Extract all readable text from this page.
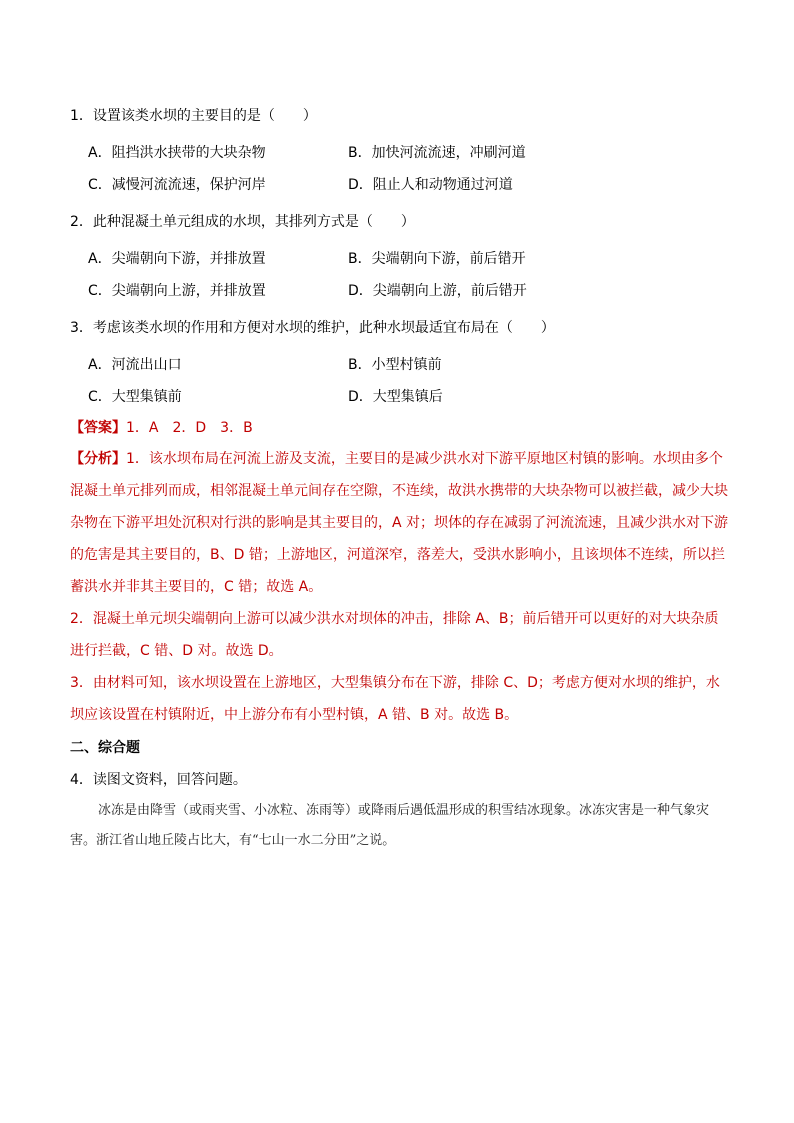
1．设置该类水坝的主要目的是（　　）
A．阻挡洪水挟带的大块杂物	B．加快河流流速，冲刷河道
C．减慢河流流速，保护河岸	D．阻止人和动物通过河道
2．此种混凝土单元组成的水坝，其排列方式是（　　）
A．尖端朝向下游，并排放置	B．尖端朝向下游，前后错开
C．尖端朝向上游，并排放置	D．尖端朝向上游，前后错开
3．考虑该类水坝的作用和方便对水坝的维护，此种水坝最适宜布局在（　　）
A．河流出山口	B．小型村镇前
C．大型集镇前	D．大型集镇后
【答案】1．A　2．D　3．B
【分析】1．该水坝布局在河流上游及支流，主要目的是减少洪水对下游平原地区村镇的影响。水坝由多个混凝土单元排列而成，相邻混凝土单元间存在空隙，不连续，故洪水携带的大块杂物可以被拦截，减少大块杂物在下游平坦处沉积对行洪的影响是其主要目的，A 对；坝体的存在减弱了河流流速，且减少洪水对下游的危害是其主要目的，B、D 错；上游地区，河道深窄，落差大，受洪水影响小，且该坝体不连续，所以拦蓄洪水并非其主要目的，C 错；故选 A。
2．混凝土单元坝尖端朝向上游可以减少洪水对坝体的冲击，排除 A、B；前后错开可以更好的对大块杂质进行拦截，C 错、D 对。故选 D。
3．由材料可知，该水坝设置在上游地区，大型集镇分布在下游，排除 C、D；考虑方便对水坝的维护，水坝应该设置在村镇附近，中上游分布有小型村镇，A 错、B 对。故选 B。
二、综合题
4．读图文资料，回答问题。
冰冻是由降雪（或雨夹雪、小冰粒、冻雨等）或降雨后遇低温形成的积雪结冰现象。冰冻灾害是一种气象灾害。浙江省山地丘陵占比大，有“七山一水二分田”之说。
